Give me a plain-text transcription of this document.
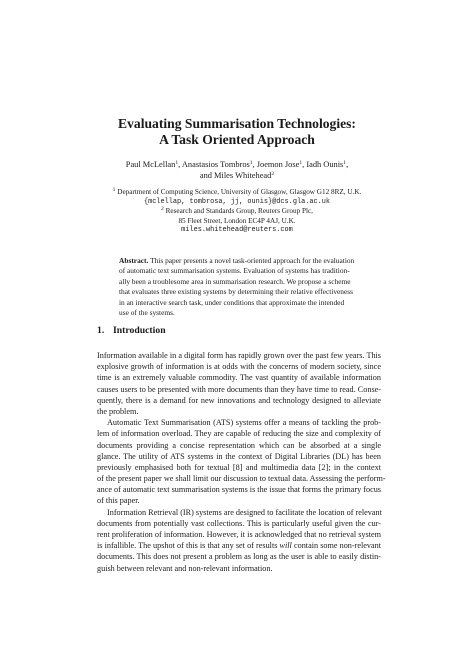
Evaluating Summarisation Technologies:
A Task Oriented Approach
Paul McLellan$^1$, Anastasios Tombros$^1$, Joemon Jose$^1$, Iadh Ounis$^1$,
and Miles Whitehead$^2$
$^1$ Department of Computing Science, University of Glasgow, Glasgow G12 8RZ, U.K.
{mclellap, tombrosa, jj, ounis}@dcs.gla.ac.uk
$^2$ Research and Standards Group, Reuters Group Plc,
85 Fleet Street, London EC4P 4AJ, U.K.
miles.whitehead@reuters.com
Abstract. This paper presents a novel task-oriented approach for the evaluation
of automatic text summarisation systems. Evaluation of systems has tradition-
ally been a troublesome area in summarisation research. We propose a scheme
that evaluates three existing systems by determining their relative effectiveness
in an interactive search task, under conditions that approximate the intended
use of the systems.
1. Introduction
Information available in a digital form has rapidly grown over the past few years. This
explosive growth of information is at odds with the concerns of modern society, since
time is an extremely valuable commodity. The vast quantity of available information
causes users to be presented with more documents than they have time to read. Conse-
quently, there is a demand for new innovations and technology designed to alleviate
the problem.
Automatic Text Summarisation (ATS) systems offer a means of tackling the prob-
lem of information overload. They are capable of reducing the size and complexity of
documents providing a concise representation which can be absorbed at a single
glance. The utility of ATS systems in the context of Digital Libraries (DL) has been
previously emphasised both for textual [8] and multimedia data [2]; in the context
of the present paper we shall limit our discussion to textual data. Assessing the perform-
ance of automatic text summarisation systems is the issue that forms the primary focus
of this paper.
Information Retrieval (IR) systems are designed to facilitate the location of relevant
documents from potentially vast collections. This is particularly useful given the cur-
rent proliferation of information. However, it is acknowledged that no retrieval system
is infallible. The upshot of this is that any set of results will contain some non-relevant
documents. This does not present a problem as long as the user is able to easily distin-
guish between relevant and non-relevant information.
